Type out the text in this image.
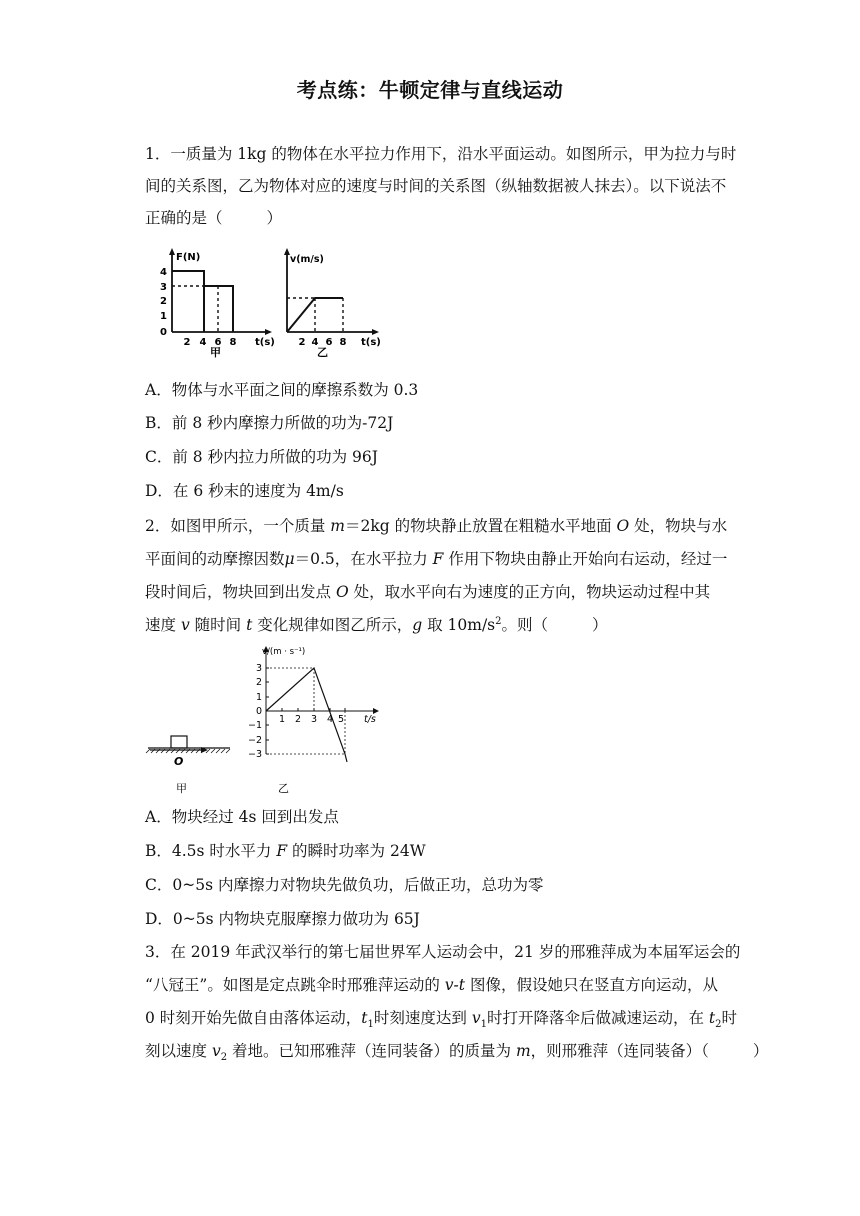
考点练：牛顿定律与直线运动
1．一质量为 1kg 的物体在水平拉力作用下，沿水平面运动。如图所示，甲为拉力与时
间的关系图，乙为物体对应的速度与时间的关系图（纵轴数据被人抹去）。以下说法不
正确的是（	）
F(N)
0
1
2
3
4
2 4 6 8 t(s)
甲
v(m/s)
2 4 6 8 t(s)
乙
A．物体与水平面之间的摩擦系数为 0.3
B．前 8 秒内摩擦力所做的功为-72J
C．前 8 秒内拉力所做的功为 96J
D．在 6 秒末的速度为 4m/s
2．如图甲所示，一个质量 m＝2kg 的物块静止放置在粗糙水平地面 O 处，物块与水
平面间的动摩擦因数μ＝0.5，在水平拉力 F 作用下物块由静止开始向右运动，经过一
段时间后，物块回到出发点 O 处，取水平向右为速度的正方向，物块运动过程中其
速度 v 随时间 t 变化规律如图乙所示，g 取 $10m/s^2$。则（	）
O
甲
v/(m · s⁻¹)
3
2
1
0
−1
−2
−3
1 2 3 4 5 t/s
乙
A．物块经过 4s 回到出发点
B．4.5s 时水平力 F 的瞬时功率为 24W
C．0~5s 内摩擦力对物块先做负功，后做正功，总功为零
D．0~5s 内物块克服摩擦力做功为 65J
3．在 2019 年武汉举行的第七届世界军人运动会中，21 岁的邢雅萍成为本届军运会的
“八冠王”。如图是定点跳伞时邢雅萍运动的 v-t 图像，假设她只在竖直方向运动，从
0 时刻开始先做自由落体运动，$t_1$时刻速度达到 $v_1$时打开降落伞后做减速运动，在 $t_2$时
刻以速度 $v_2$ 着地。已知邢雅萍（连同装备）的质量为 m，则邢雅萍（连同装备）（	）
